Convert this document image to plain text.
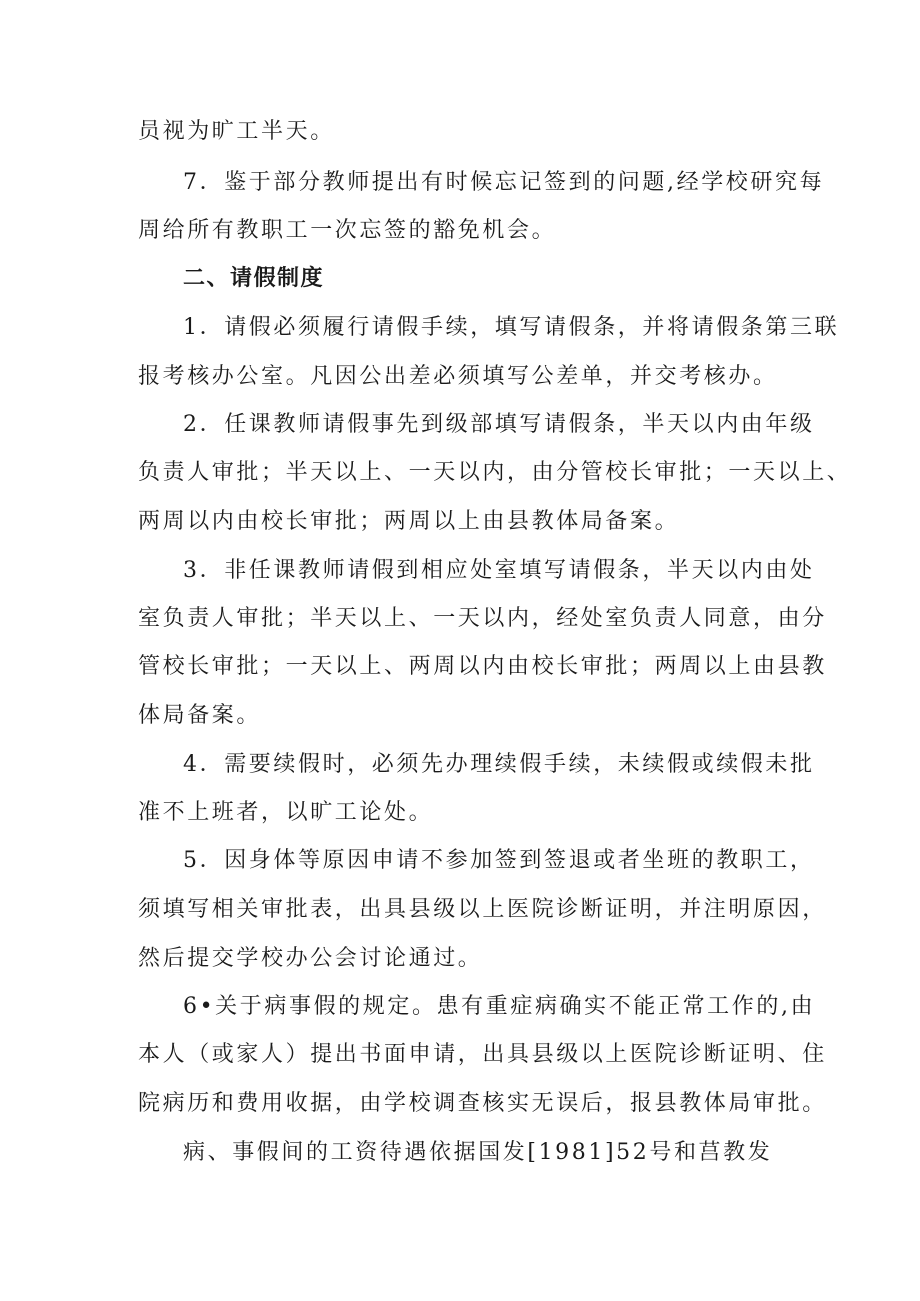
员视为旷工半天。
7．鉴于部分教师提出有时候忘记签到的问题,经学校研究每
周给所有教职工一次忘签的豁免机会。
二、请假制度
1．请假必须履行请假手续，填写请假条，并将请假条第三联
报考核办公室。凡因公出差必须填写公差单，并交考核办。
2．任课教师请假事先到级部填写请假条，半天以内由年级
负责人审批；半天以上、一天以内，由分管校长审批；一天以上、
两周以内由校长审批；两周以上由县教体局备案。
3．非任课教师请假到相应处室填写请假条，半天以内由处
室负责人审批；半天以上、一天以内，经处室负责人同意，由分
管校长审批；一天以上、两周以内由校长审批；两周以上由县教
体局备案。
4．需要续假时，必须先办理续假手续，未续假或续假未批
准不上班者，以旷工论处。
5．因身体等原因申请不参加签到签退或者坐班的教职工，
须填写相关审批表，出具县级以上医院诊断证明，并注明原因，
然后提交学校办公会讨论通过。
6•关于病事假的规定。患有重症病确实不能正常工作的,由
本人（或家人）提出书面申请，出具县级以上医院诊断证明、住
院病历和费用收据，由学校调查核实无误后，报县教体局审批。
病、事假间的工资待遇依据国发[1981]52号和莒教发
